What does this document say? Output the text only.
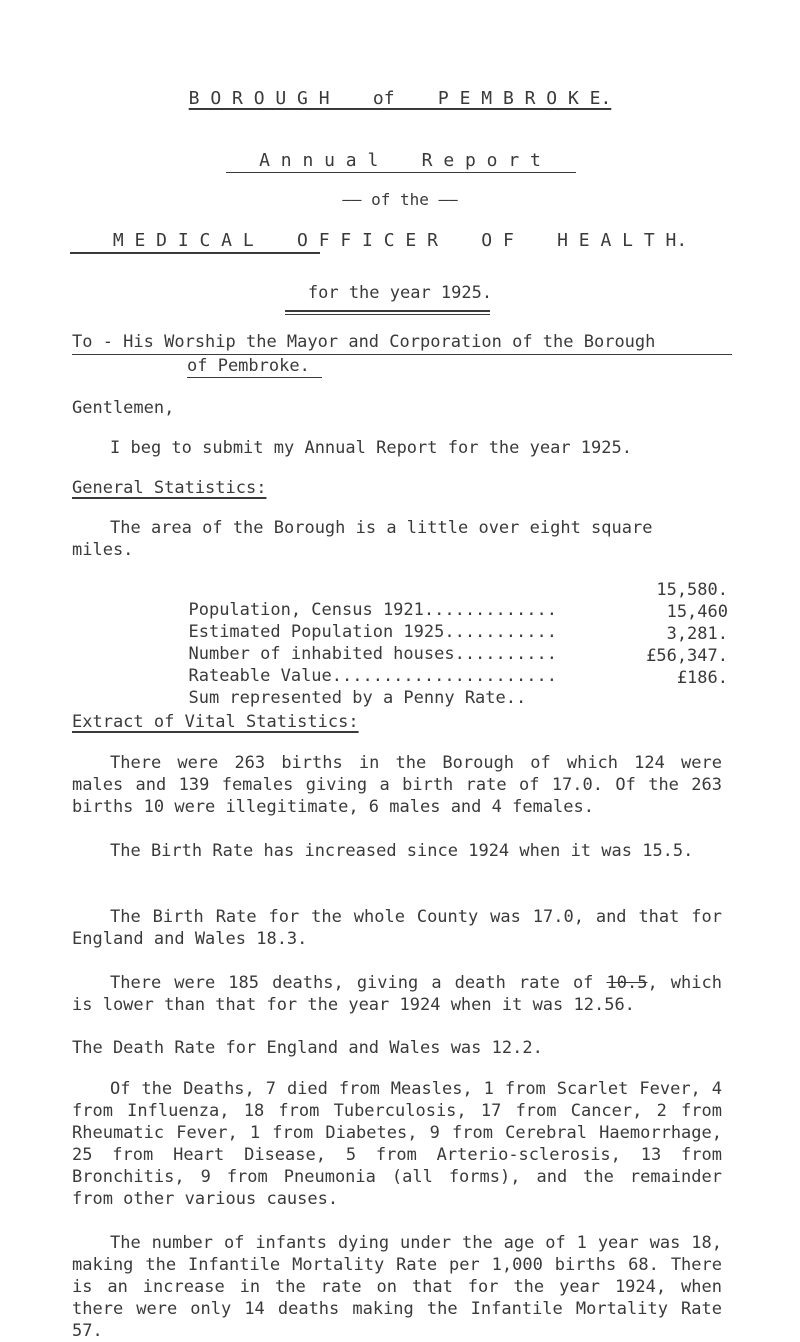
B O R O U G H    of    P E M B R O K E.
A n n u a l    R e p o r t
—— of the ——
M E D I C A L    O F F I C E R    O F    H E A L T H.
for the year 1925.
To - His Worship the Mayor and Corporation of the Borough
of Pembroke.
Gentlemen,
I beg to submit my Annual Report for the year 1925.
General Statistics:
The area of the Borough is a little over eight square
miles.

Population, Census 1921.............

15,580.

Estimated Population 1925...........

15,460

Number of inhabited houses..........

3,281.

Rateable Value......................

£56,347.

Sum represented by a Penny Rate..

£186.

Extract of Vital Statistics:
There were 263 births in the Borough of which 124 were males and 139 females giving a birth rate of 17.0. Of the 263 births 10 were illegitimate, 6 males and 4 females.
The Birth Rate has increased since 1924 when it was 15.5.
The Birth Rate for the whole County was 17.0, and that for England and Wales 18.3.
There were 185 deaths, giving a death rate of 10.5, which is lower than that for the year 1924 when it was 12.56.
The Death Rate for England and Wales was 12.2.
Of the Deaths, 7 died from Measles, 1 from Scarlet Fever, 4 from Influenza, 18 from Tuberculosis, 17 from Cancer, 2 from Rheumatic Fever, 1 from Diabetes, 9 from Cerebral Haemorrhage, 25 from Heart Disease, 5 from Arterio-sclerosis, 13 from Bronchitis, 9 from Pneumonia (all forms), and the remainder from other various causes.
The number of infants dying under the age of 1 year was 18, making the Infantile Mortality Rate per 1,000 births 68. There is an increase in the rate on that for the year 1924, when there were only 14 deaths making the Infantile Mortality Rate 57.
